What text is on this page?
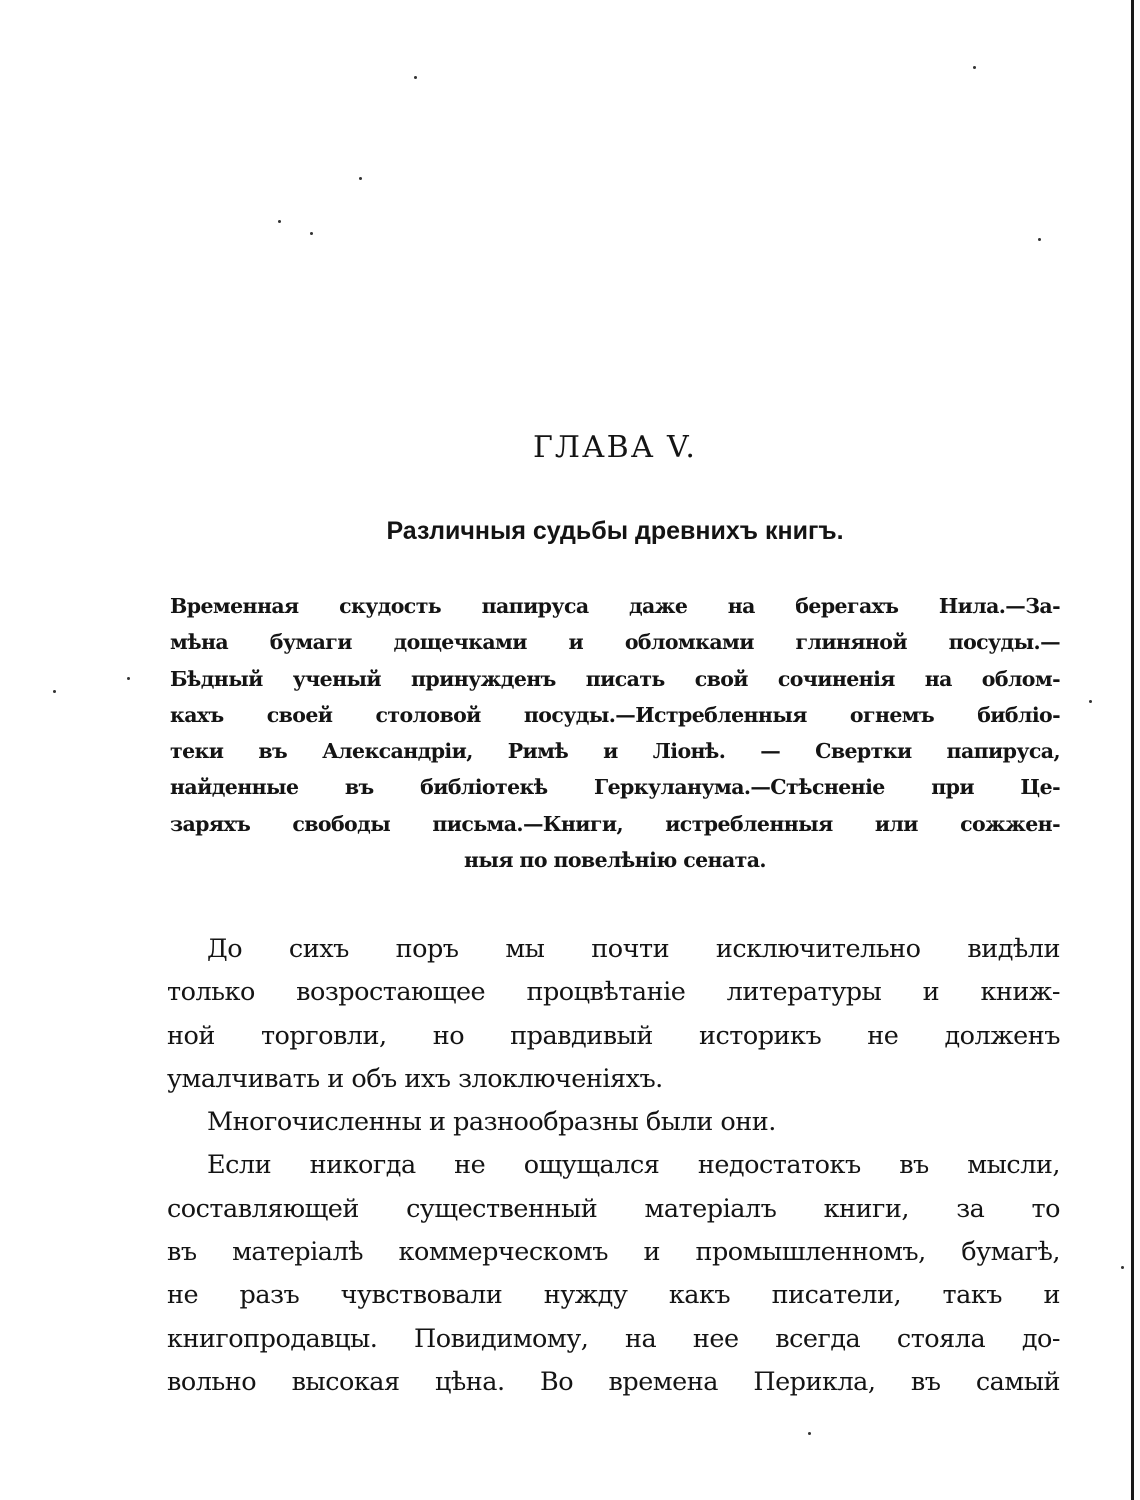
ГЛАВА V.
Различныя судьбы древнихъ книгъ.
Временная скудость папируса даже на берегахъ Нила.—За-
мѣна бумаги дощечками и обломками глиняной посуды.—
Бѣдный ученый принужденъ писать свой сочиненія на облом-
кахъ своей столовой посуды.—Истребленныя огнемъ библіо-
теки въ Александріи, Римѣ и Ліонѣ. — Свертки папируса,
найденные въ библіотекѣ Геркуланума.—Стѣсненіе при Це-
заряхъ свободы письма.—Книги, истребленныя или сожжен-
ныя по повелѣнію сената.
До сихъ поръ мы почти исключительно видѣли
только возростающее процвѣтаніе литературы и книж-
ной торговли, но правдивый историкъ не долженъ
умалчивать и объ ихъ злоключеніяхъ.
Многочисленны и разнообразны были они.
Если никогда не ощущался недостатокъ въ мысли,
составляющей существенный матеріалъ книги, за то
въ матеріалѣ коммерческомъ и промышленномъ, бумагѣ,
не разъ чувствовали нужду какъ писатели, такъ и
книгопродавцы. Повидимому, на нее всегда стояла до-
вольно высокая цѣна. Во времена Перикла, въ самый
